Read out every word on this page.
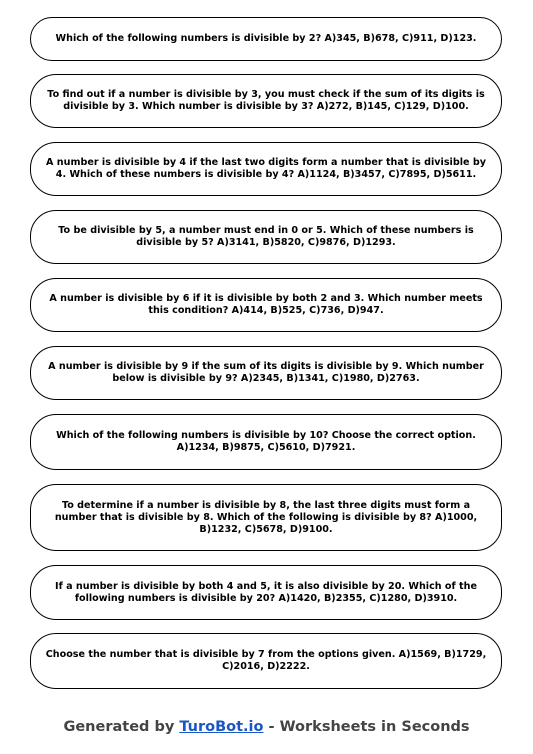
Which of the following numbers is divisible by 2? A)345, B)678, C)911, D)123.
To find out if a number is divisible by 3, you must check if the sum of its digits is divisible by 3. Which number is divisible by 3? A)272, B)145, C)129, D)100.
A number is divisible by 4 if the last two digits form a number that is divisible by 4. Which of these numbers is divisible by 4? A)1124, B)3457, C)7895, D)5611.
To be divisible by 5, a number must end in 0 or 5. Which of these numbers is divisible by 5? A)3141, B)5820, C)9876, D)1293.
A number is divisible by 6 if it is divisible by both 2 and 3. Which number meets this condition? A)414, B)525, C)736, D)947.
A number is divisible by 9 if the sum of its digits is divisible by 9. Which number below is divisible by 9? A)2345, B)1341, C)1980, D)2763.
Which of the following numbers is divisible by 10? Choose the correct option. A)1234, B)9875, C)5610, D)7921.
To determine if a number is divisible by 8, the last three digits must form a number that is divisible by 8. Which of the following is divisible by 8? A)1000, B)1232, C)5678, D)9100.
If a number is divisible by both 4 and 5, it is also divisible by 20. Which of the following numbers is divisible by 20? A)1420, B)2355, C)1280, D)3910.
Choose the number that is divisible by 7 from the options given. A)1569, B)1729, C)2016, D)2222.
Generated by TuroBot.io - Worksheets in Seconds
